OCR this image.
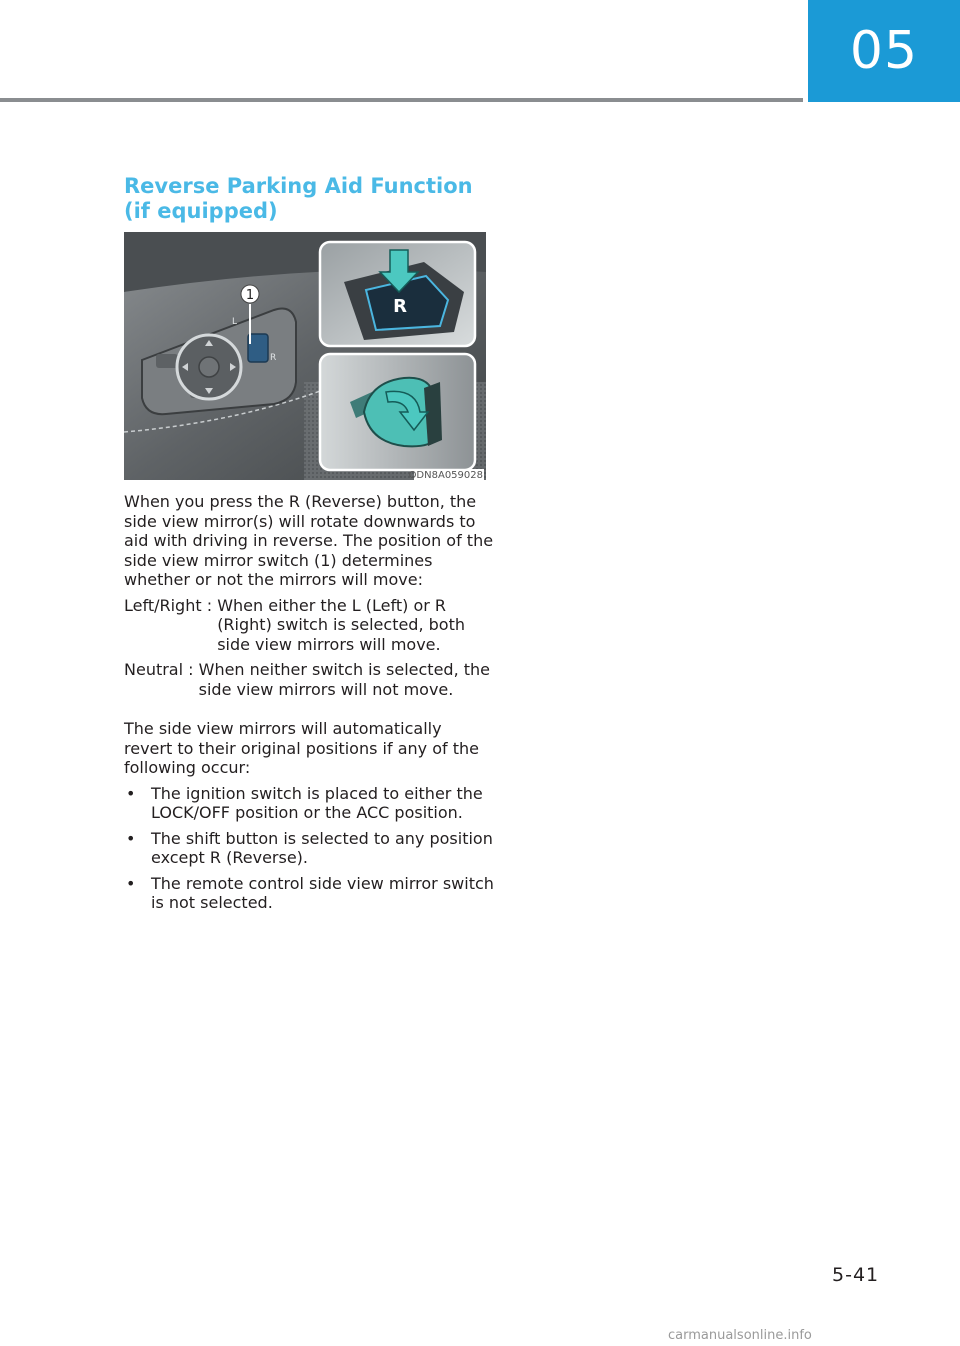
05
Reverse Parking Aid Function
(if equipped)
L
R
1
R
ODN8A059028

When you press the R (Reverse) button, the side view mirror(s) will rotate downwards to aid with driving in reverse. The position of the side view mirror switch (1) determines whether or not the mirrors will move:

Left/Right : When either the L (Left) or R (Right) switch is selected, both side view mirrors will move.
Neutral : When neither switch is selected, the side view mirrors will not move.

The side view mirrors will automatically revert to their original positions if any of the following occur:

• The ignition switch is placed to either the LOCK/OFF position or the ACC position.
• The shift button is selected to any position except R (Reverse).
• The remote control side view mirror switch is not selected.
5-41
carmanualsonline.info
